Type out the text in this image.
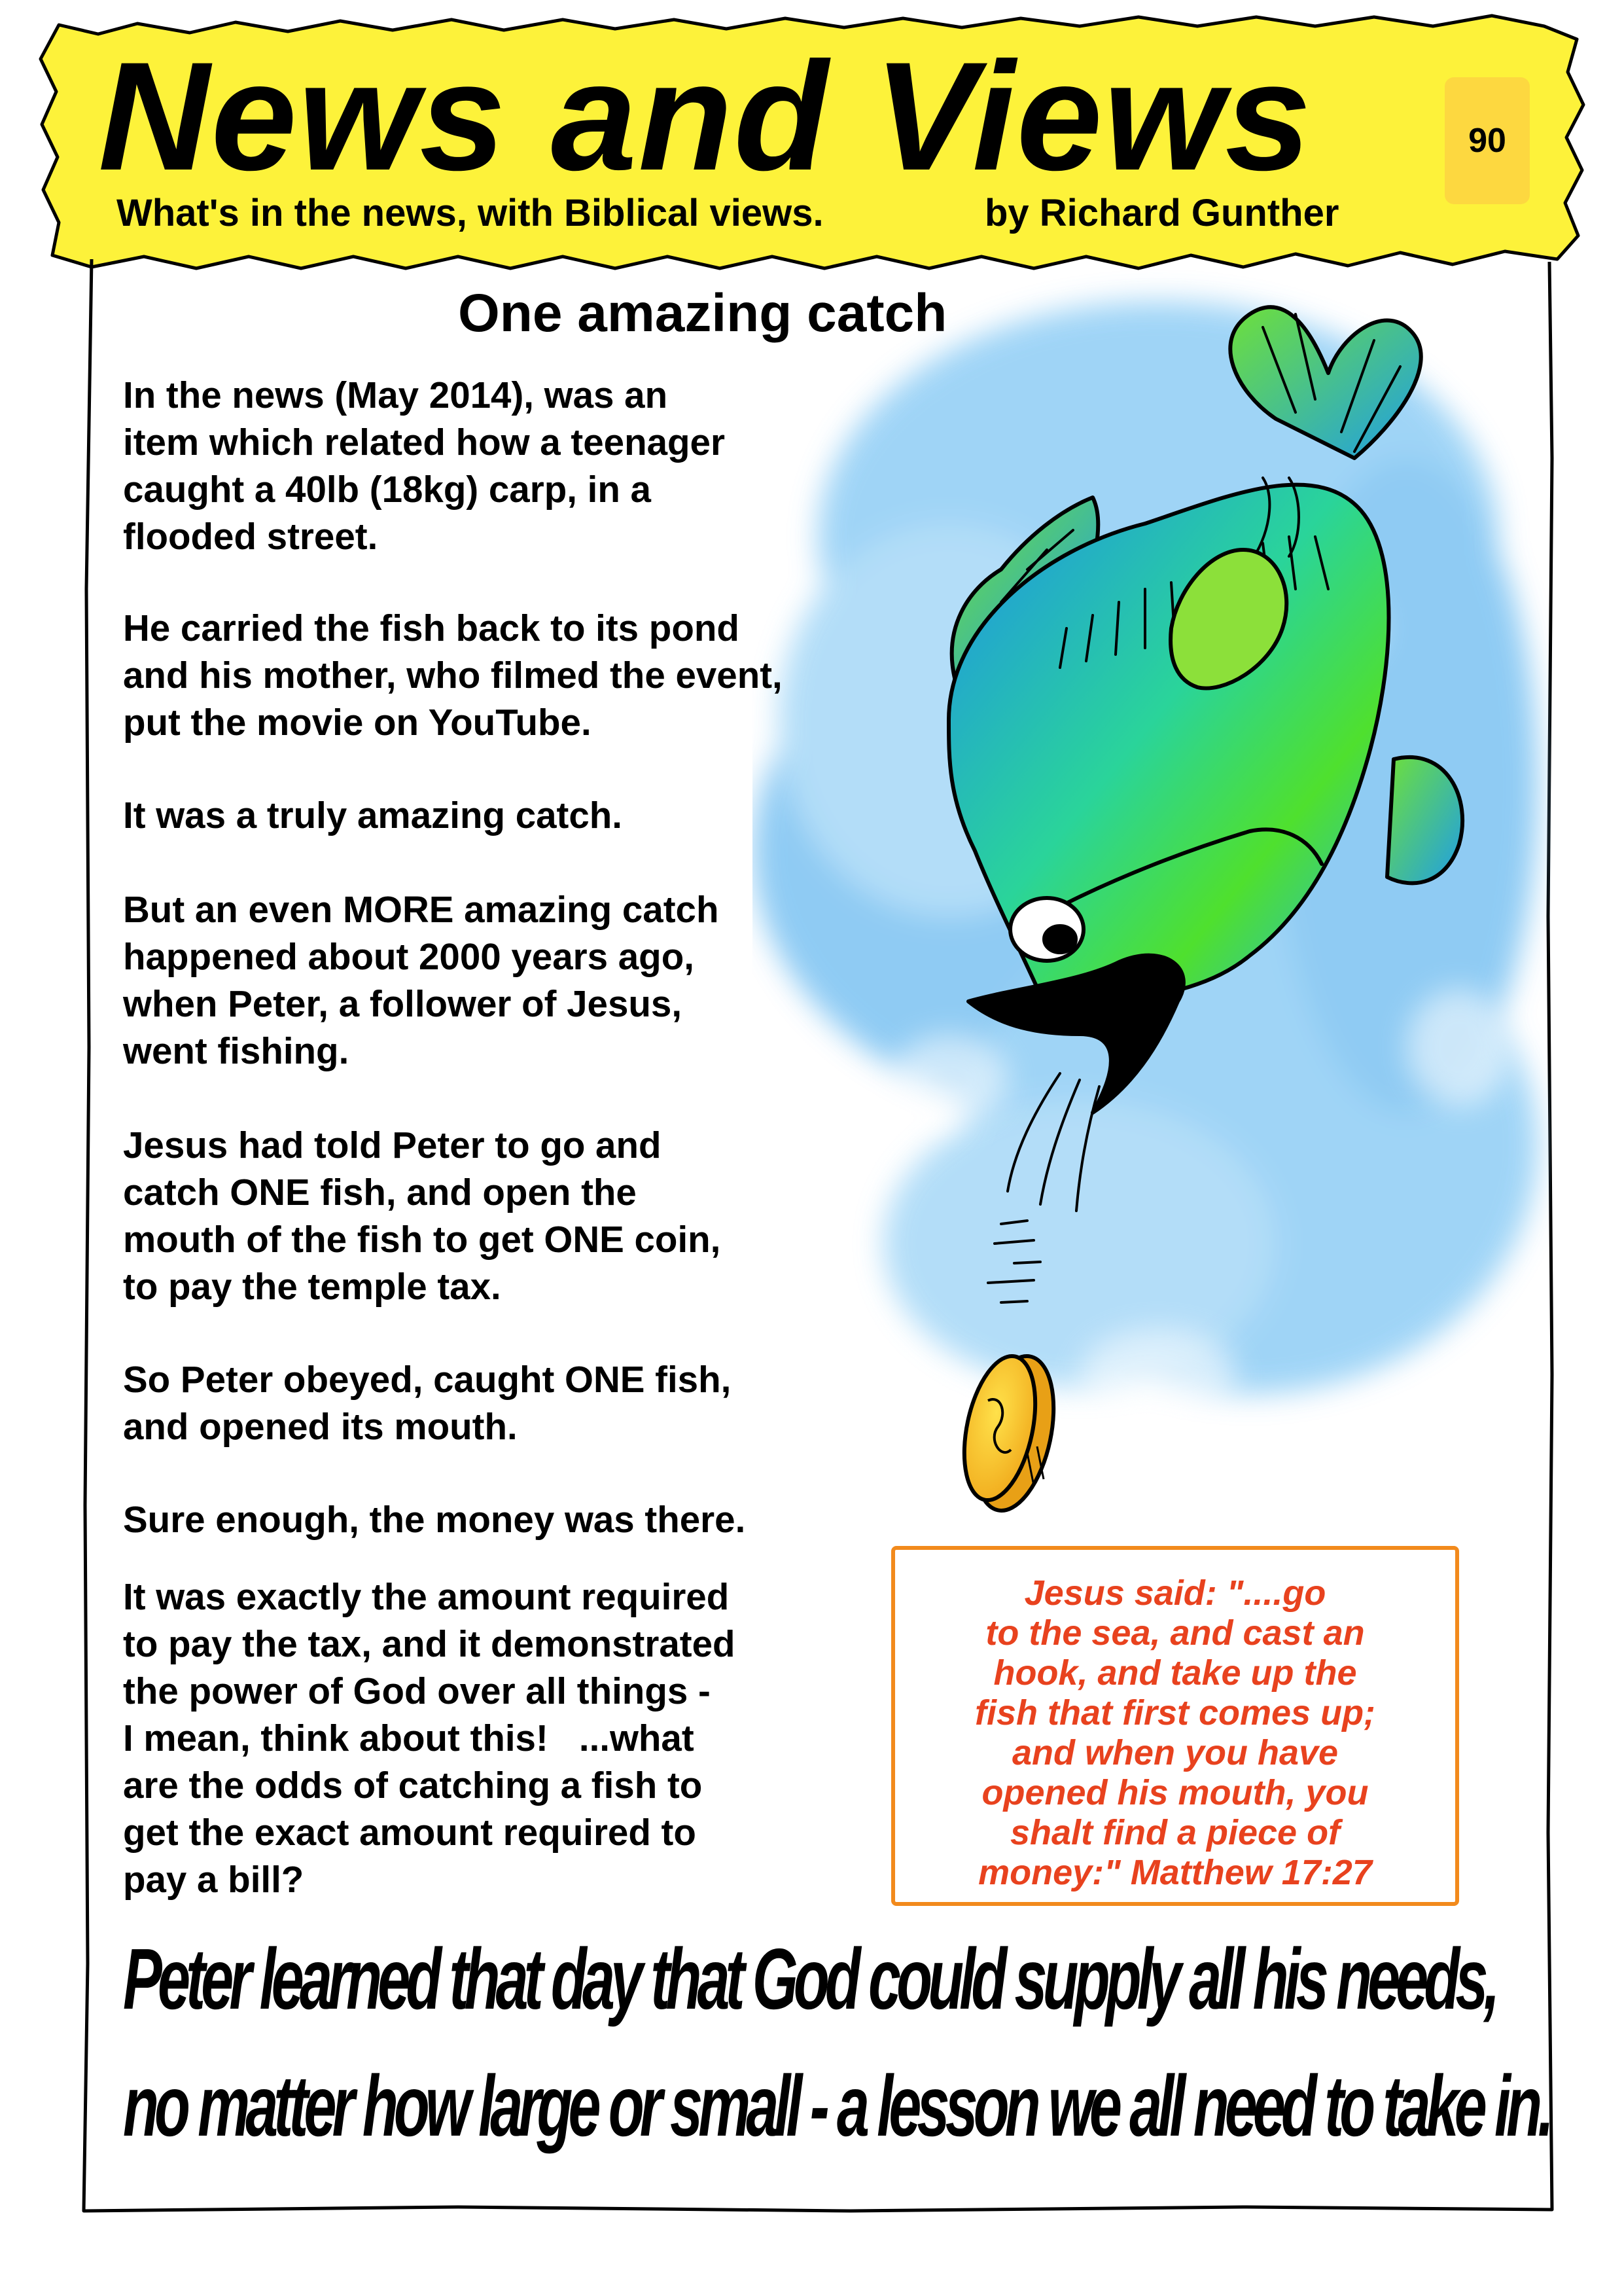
News and Views	90
What's in the news, with Biblical views.	by Richard Gunther
One amazing catch
In the news (May 2014), was an
item which related how a teenager
caught a 40lb (18kg) carp, in a
flooded street.
He carried the fish back to its pond
and his mother, who filmed the event,
put the movie on YouTube.
It was a truly amazing catch.
But an even MORE amazing catch
happened about 2000 years ago,
when Peter, a follower of Jesus,
went fishing.
Jesus had told Peter to go and
catch ONE fish, and open the
mouth of the fish to get ONE coin,
to pay the temple tax.
So Peter obeyed, caught ONE fish,
and opened its mouth.
Sure enough, the money was there.
It was exactly the amount required
to pay the tax, and it demonstrated
the power of God over all things -
I mean, think about this!   ...what
are the odds of catching a fish to
get the exact amount required to
pay a bill?
Jesus said: "....go
to the sea, and cast an
hook, and take up the
fish that first comes up;
and when you have
opened his mouth, you
shalt find a piece of
money:" Matthew 17:27
Peter learned that day that God could supply all his needs,
no matter how large or small - a lesson we all need to take in.
